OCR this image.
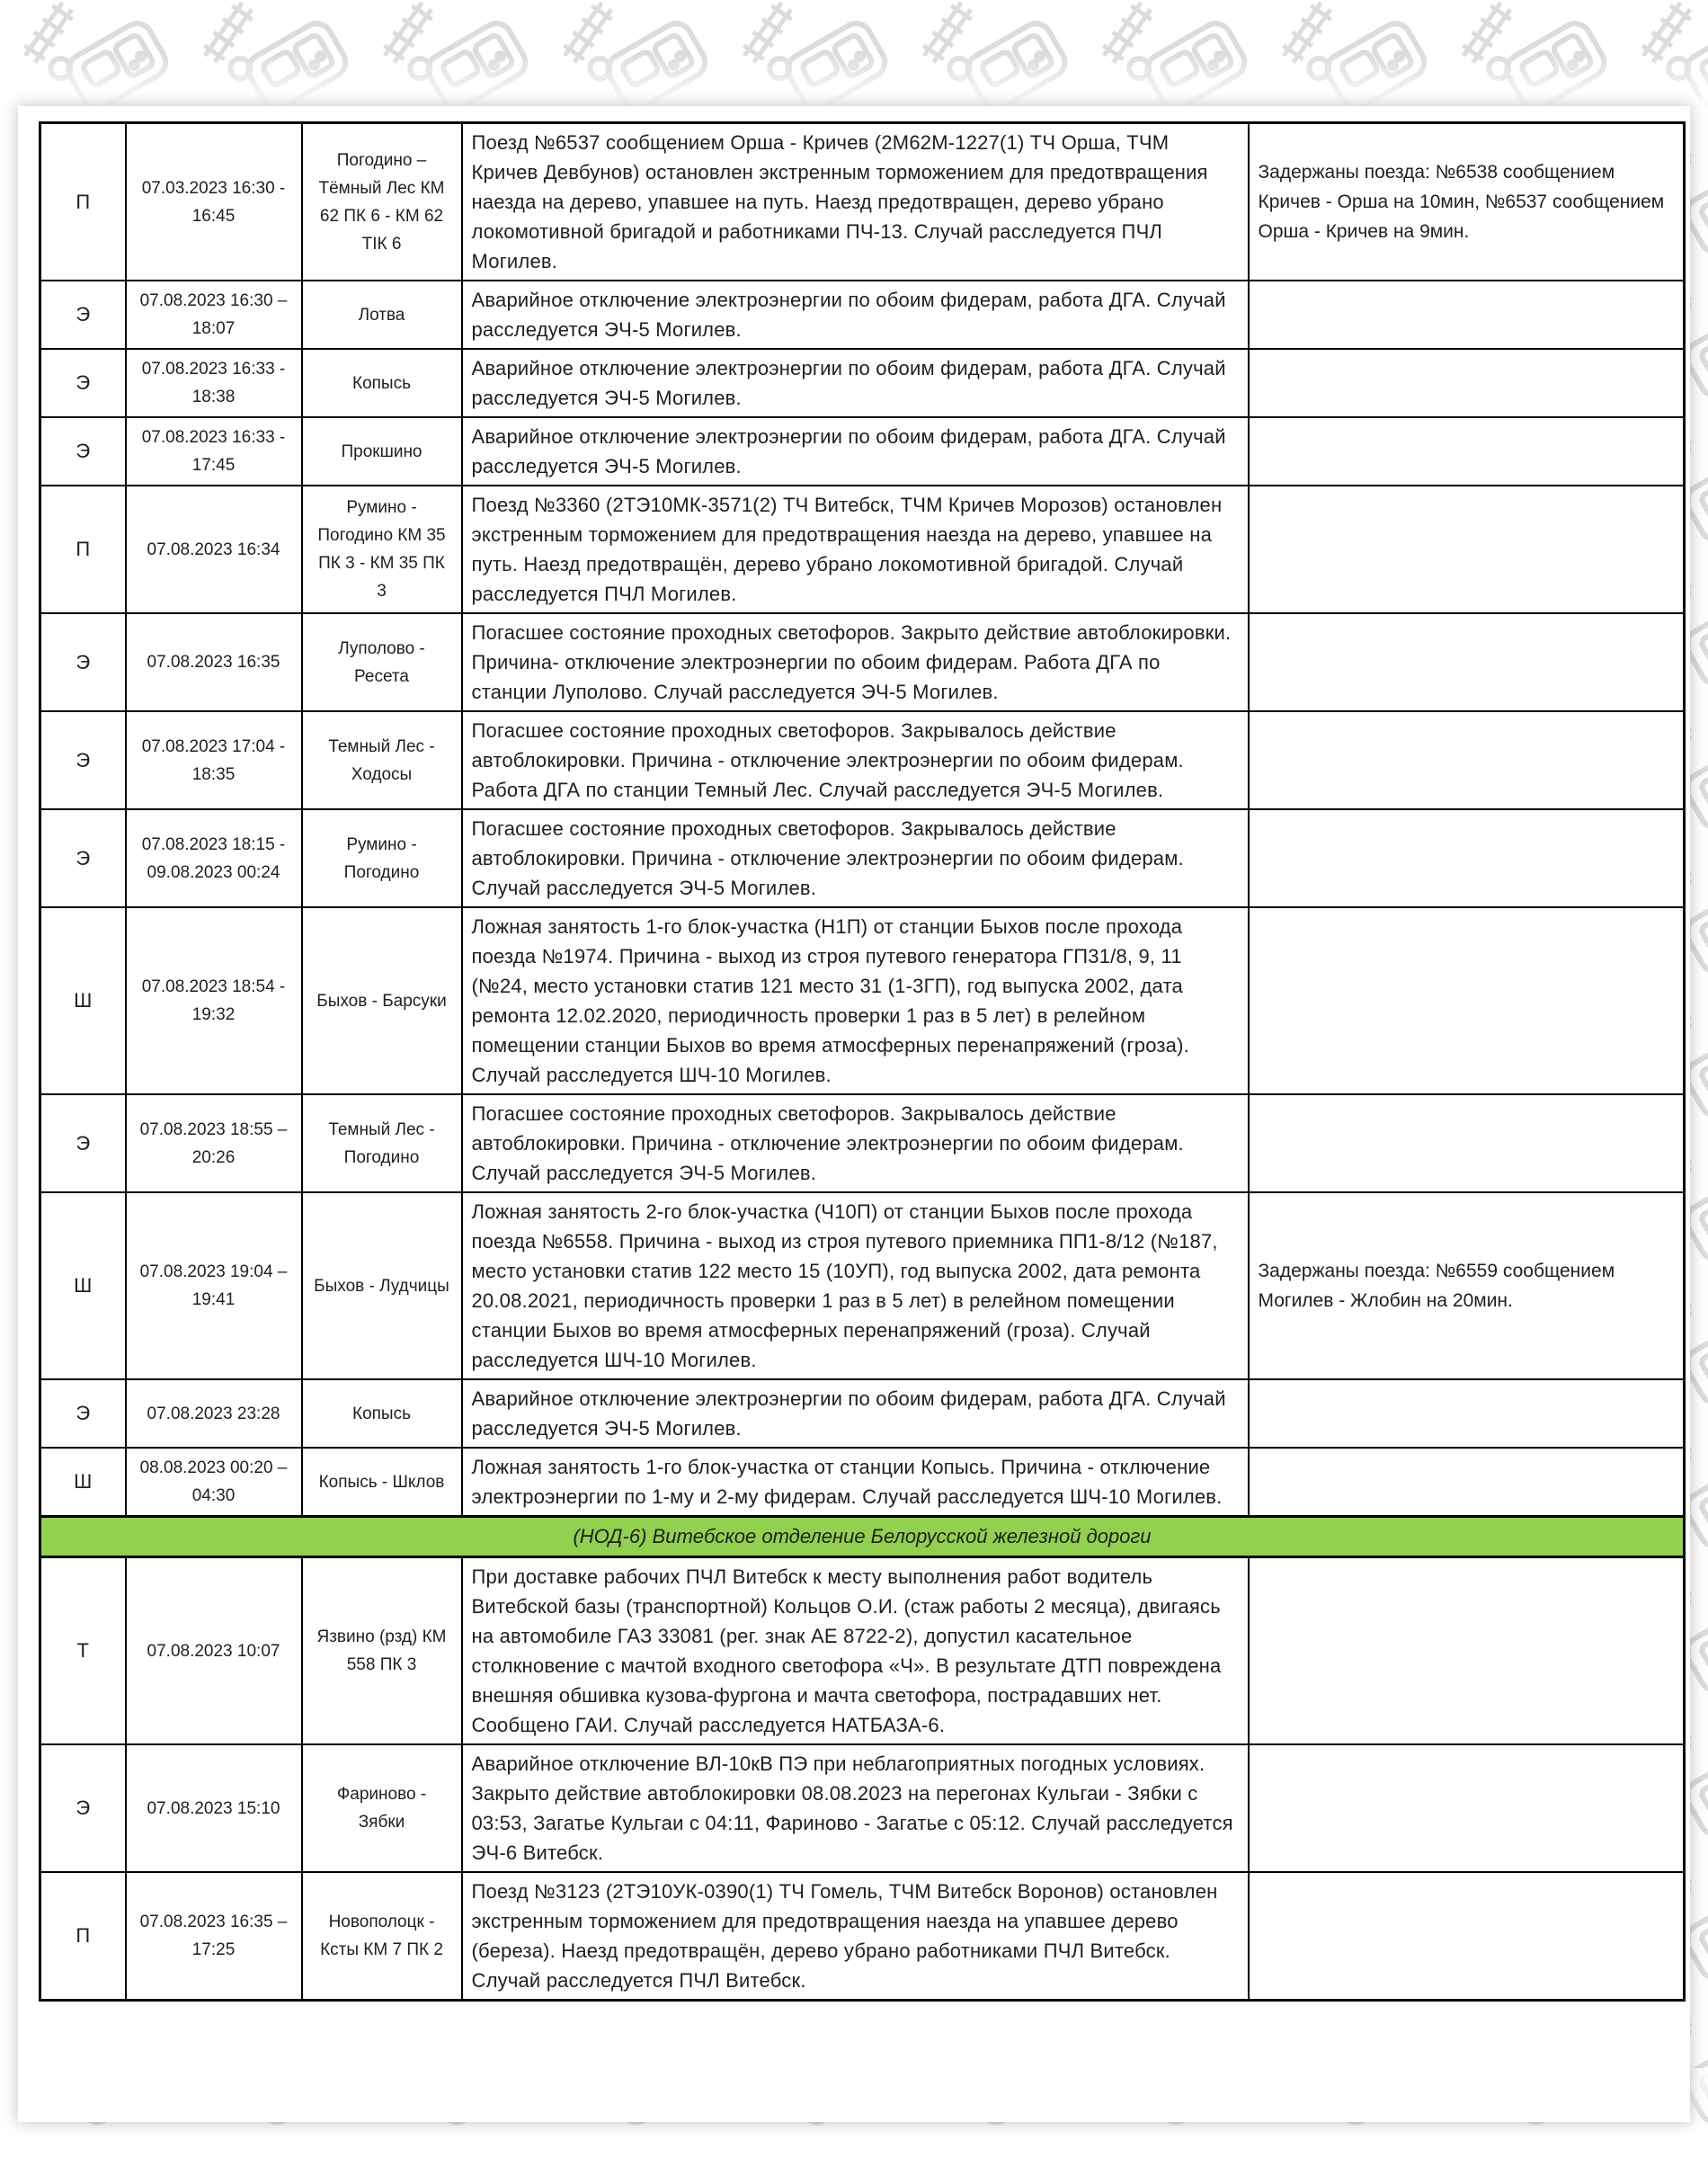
П	07.03.2023 16:30 - 16:45	Погодино – Тёмный Лес КМ 62 ПК 6 - КМ 62 ТІК 6	Поезд №6537 сообщением Орша - Кричев (2М62М-1227(1) ТЧ Орша, ТЧМ Кричев Девбунов) остановлен экстренным торможением для предотвращения наезда на дерево, упавшее на путь. Наезд предотвращен, дерево убрано локомотивной бригадой и работниками ПЧ-13. Случай расследуется ПЧЛ Могилев.	Задержаны поезда: №6538 сообщением Кричев - Орша на 10мин, №6537 сообщением Орша - Кричев на 9мин.
Э	07.08.2023 16:30 – 18:07	Лотва	Аварийное отключение электроэнергии по обоим фидерам, работа ДГА. Случай расследуется ЭЧ-5 Могилев.	
Э	07.08.2023 16:33 - 18:38	Копысь	Аварийное отключение электроэнергии по обоим фидерам, работа ДГА. Случай расследуется ЭЧ-5 Могилев.	
Э	07.08.2023 16:33 - 17:45	Прокшино	Аварийное отключение электроэнергии по обоим фидерам, работа ДГА. Случай расследуется ЭЧ-5 Могилев.	
П	07.08.2023 16:34	Румино - Погодино КМ 35 ПК 3 - КМ 35 ПК 3	Поезд №3360 (2ТЭ10МК-3571(2) ТЧ Витебск, ТЧМ Кричев Морозов) остановлен экстренным торможением для предотвращения наезда на дерево, упавшее на путь. Наезд предотвращён, дерево убрано локомотивной бригадой. Случай расследуется ПЧЛ Могилев.	
Э	07.08.2023 16:35	Луполово - Ресета	Погасшее состояние проходных светофоров. Закрыто действие автоблокировки. Причина- отключение электроэнергии по обоим фидерам. Работа ДГА по станции Луполово. Случай расследуется ЭЧ-5 Могилев.	
Э	07.08.2023 17:04 - 18:35	Темный Лес - Ходосы	Погасшее состояние проходных светофоров. Закрывалось действие автоблокировки. Причина - отключение электроэнергии по обоим фидерам. Работа ДГА по станции Темный Лес. Случай расследуется ЭЧ-5 Могилев.	
Э	07.08.2023 18:15 - 09.08.2023 00:24	Румино - Погодино	Погасшее состояние проходных светофоров. Закрывалось действие автоблокировки. Причина - отключение электроэнергии по обоим фидерам. Случай расследуется ЭЧ-5 Могилев.	
Ш	07.08.2023 18:54 - 19:32	Быхов - Барсуки	Ложная занятость 1-го блок-участка (Н1П) от станции Быхов после прохода поезда №1974. Причина - выход из строя путевого генератора ГП31/8, 9, 11 (№24, место установки статив 121 место 31 (1-3ГП), год выпуска 2002, дата ремонта 12.02.2020, периодичность проверки 1 раз в 5 лет) в релейном помещении станции Быхов во время атмосферных перенапряжений (гроза). Случай расследуется ШЧ-10 Могилев.	
Э	07.08.2023 18:55 – 20:26	Темный Лес - Погодино	Погасшее состояние проходных светофоров. Закрывалось действие автоблокировки. Причина - отключение электроэнергии по обоим фидерам. Случай расследуется ЭЧ-5 Могилев.	
Ш	07.08.2023 19:04 – 19:41	Быхов - Лудчицы	Ложная занятость 2-го блок-участка (Ч10П) от станции Быхов после прохода поезда №6558. Причина - выход из строя путевого приемника ПП1-8/12 (№187, место установки статив 122 место 15 (10УП), год выпуска 2002, дата ремонта 20.08.2021, периодичность проверки 1 раз в 5 лет) в релейном помещении станции Быхов во время атмосферных перенапряжений (гроза). Случай расследуется ШЧ-10 Могилев.	Задержаны поезда: №6559 сообщением Могилев - Жлобин на 20мин.
Э	07.08.2023 23:28	Копысь	Аварийное отключение электроэнергии по обоим фидерам, работа ДГА. Случай расследуется ЭЧ-5 Могилев.	
Ш	08.08.2023 00:20 – 04:30	Копысь - Шклов	Ложная занятость 1-го блок-участка от станции Копысь. Причина - отключение электроэнергии по 1-му и 2-му фидерам. Случай расследуется ШЧ-10 Могилев.	
(НОД-6) Витебское отделение Белорусской железной дороги				
Т	07.08.2023 10:07	Язвино (рзд) КМ 558 ПК 3	При доставке рабочих ПЧЛ Витебск к месту выполнения работ водитель Витебской базы (транспортной) Кольцов О.И. (стаж работы 2 месяца), двигаясь на автомобиле ГАЗ 33081 (рег. знак АЕ 8722-2), допустил касательное столкновение с мачтой входного светофора «Ч». В результате ДТП повреждена внешняя обшивка кузова-фургона и мачта светофора, пострадавших нет. Сообщено ГАИ. Случай расследуется НАТБАЗА-6.	
Э	07.08.2023 15:10	Фариново - Зябки	Аварийное отключение ВЛ-10кВ ПЭ при неблагоприятных погодных условиях. Закрыто действие автоблокировки 08.08.2023 на перегонах Кульгаи - Зябки с 03:53, Загатье Кульгаи с 04:11, Фариново - Загатье с 05:12. Случай расследуется ЭЧ-6 Витебск.	
П	07.08.2023 16:35 – 17:25	Новополоцк - Ксты КМ 7 ПК 2	Поезд №3123 (2ТЭ10УК-0390(1) ТЧ Гомель, ТЧМ Витебск Воронов) остановлен экстренным торможением для предотвращения наезда на упавшее дерево (береза). Наезд предотвращён, дерево убрано работниками ПЧЛ Витебск. Случай расследуется ПЧЛ Витебск.	
